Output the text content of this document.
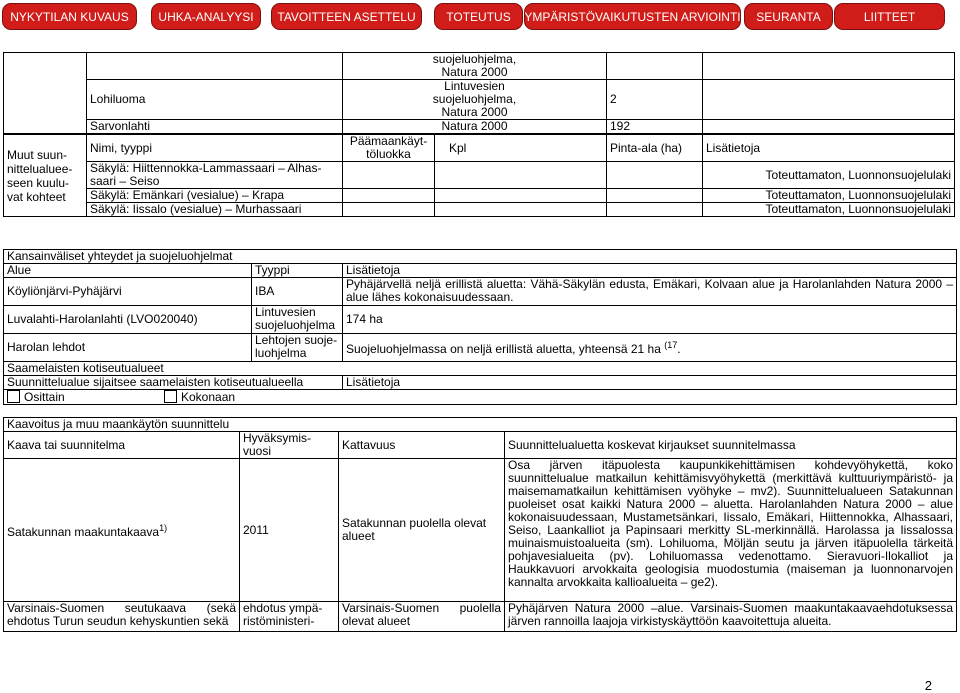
NYKYTILAN KUVAUS	UHKA-ANALYYSI	TAVOITTEEN ASETTELU	TOTEUTUS	YMPÄRISTÖVAIKUTUSTEN ARVIOINTI	SEURANTA	LIITTEET
		suojeluohjelma,
Natura 2000		
	Lohiluoma	Lintuvesien
suojeluohjelma,
Natura 2000	2	
	Sarvonlahti	Natura 2000	192	
Muut suun-
nittelualuee-
seen kuulu-
vat kohteet	Nimi, tyyppi	Päämaankäyt-
töluokka	Kpl	Pinta-ala (ha)	Lisätietoja
	Säkylä: Hiittennokka-Lammassaari – Alhas-
saari – Seiso				Toteuttamaton, Luonnonsuojelulaki
	Säkylä: Emänkari (vesialue) – Krapa				Toteuttamaton, Luonnonsuojelulaki
	Säkylä: Iissalo (vesialue) – Murhassaari				Toteuttamaton, Luonnonsuojelulaki
Kansainväliset yhteydet ja suojeluohjelmat		
Alue	Tyyppi	Lisätietoja
Köyliönjärvi-Pyhäjärvi	IBA	Pyhäjärvellä neljä erillistä aluetta: Vähä-Säkylän edusta, Emäkari, Kolvaan alue ja Harolanlahden Natura 2000 – alue lähes kokonaisuudessaan.
Luvalahti-Harolanlahti (LVO020040)	Lintuvesien
suojeluohjelma	174 ha
Harolan lehdot	Lehtojen suoje-
luohjelma	Suojeluohjelmassa on neljä erillistä aluetta, yhteensä 21 ha $^{(17}$.
Saamelaisten kotiseutualueet		
Suunnittelualue sijaitsee saamelaisten kotiseutualueella		Lisätietoja
Osittain Kokonaan		
Kaavoitus ja muu maankäytön suunnittelu			
Kaava tai suunnitelma	Hyväksymis-
vuosi	Kattavuus	Suunnittelualuetta koskevat kirjaukset suunnitelmassa
Satakunnan maakuntakaava$^{1)}$	2011	Satakunnan puolella olevat alueet	Osa järven itäpuolesta kaupunkikehittämisen kohdevyöhykettä, koko suunnittelualue matkailun kehittämisvyöhykettä (merkittävä kulttuuriympäristö- ja maisemamatkailun kehittämisen vyöhyke – mv2). Suunnittelualueen Satakunnan puoleiset osat kaikki Natura 2000 – aluetta. Harolanlahden Natura 2000 – alue kokonaisuudessaan, Mustametsänkari, Iissalo, Emäkari, Hiittennokka, Alhassaari, Seiso, Laankalliot ja Papinsaari merkitty SL-merkinnällä. Harolassa ja Iissalossa muinaismuistoalueita (sm). Lohiluoma, Möljän seutu ja järven itäpuolella tärkeitä pohjavesialueita (pv). Lohiluomassa vedenottamo. Sieravuori-Ilokalliot ja Haukkavuori arvokkaita geologisia muodostumia (maiseman ja luonnonarvojen kannalta arvokkaita kallioalueita – ge2).
Varsinais-Suomen seutukaava (sekä ehdotus Turun seudun kehyskuntien sekä	ehdotus ympä-
ristöministeri-	Varsinais-Suomen puolella olevat alueet	Pyhäjärven Natura 2000 –alue. Varsinais-Suomen maakuntakaavaehdotuksessa järven rannoilla laajoja virkistyskäyttöön kaavoitettuja alueita.
2
